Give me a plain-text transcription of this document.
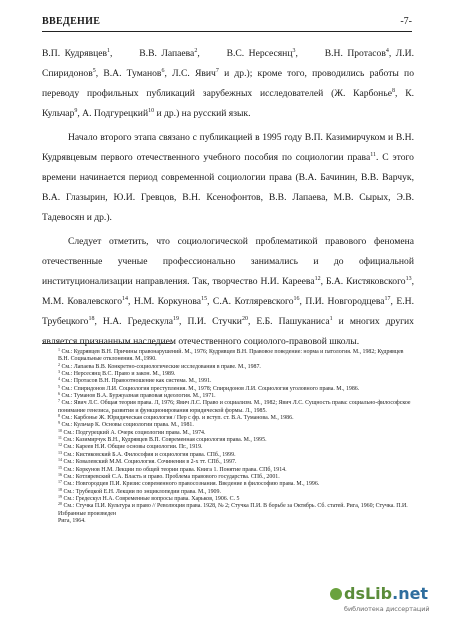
ВВЕДЕНИЕ	-7-

В.П. Кудрявцев$^1$,      В.В. Лапаева$^2$,      В.С. Нерсесянц$^3$,      В.Н. Протасов$^4$, Л.И. Спиридонов$^5$, В.А. Туманов$^6$, Л.С. Явич$^7$ и др.); кроме того, проводились работы по переводу профильных публикаций зарубежных исследователей (Ж. Карбонье$^8$, К. Кульчар$^9$, А. Подгурецкий$^{10}$ и др.) на русский язык.

Начало второго этапа связано с публикацией в 1995 году В.П. Казимирчуком и В.Н. Кудрявцевым первого отечественного учебного пособия по социологии права$^{11}$. С этого времени начинается период современной социологии права (В.А. Бачинин, В.В. Варчук, В.А. Глазырин, Ю.И. Гревцов, В.Н. Ксенофонтов, В.В. Лапаева, М.В. Сырых, Э.В. Тадевосян и др.).

Следует отметить, что социологической проблематикой правового феномена отечественные ученые профессионально занимались и до официальной институционализации направления. Так, творчество Н.И. Кареева$^{12}$, Б.А. Кистяковского$^{13}$, М.М. Ковалевского$^{14}$, Н.М. Коркунова$^{15}$, С.А. Котляревского$^{16}$, П.И. Новгородцева$^{17}$, Е.Н. Трубецкого$^{18}$, Н.А. Гредескула$^{19}$, П.И. Стучки$^{20}$, Е.Б. Пашуканиса$^1$ и многих других является признанным наследием отечественного социолого-правовой школы.

$^1$ См.: Кудрявцев В.Н. Причины правонарушений. М., 1976; Кудрявцев В.Н. Правовое поведение: норма и патология. М., 1982; Кудрявцев В.Н. Социальные отклонения. М.,1990.

$^2$ См.: Лапаева В.В. Конкретно-социологические исследования в праве. М., 1987.

$^3$ См.: Нерсесянц В.С. Право и закон. М., 1989.

$^4$ См.: Протасов В.Н. Правоотношение как система. М., 1991.

$^5$ См.: Спиридонов Л.И. Социология преступления. М., 1978; Спиридонов Л.И. Социология уголовного права. М., 1986.

$^6$ См.: Туманов В.А. Буржуазная правовая идеология. М., 1971.

$^7$ См.: Явич Л.С. Общая теория права. Л, 1976; Явич Л.С. Право и социализм. М., 1982; Явич Л.С. Сущность права: социально-философское понимание генезиса, развития и функционирования юридической формы. Л., 1985.

$^8$ См.: Карбонье Ж. Юридическая социология / Пер с фр. и вступ. ст. В.А. Туманова. М., 1986.

$^9$ См.: Кульчар К. Основы социологии права. М., 1981.

$^{10}$ См.: Подгурецкий А. Очерк социологии права. М., 1974.

$^{11}$ См.: Казимирчук В.Н., Кудрявцев В.П. Современная социология права. М., 1995.

$^{12}$ См.: Кареев Н.И. Общие основы социологии. Пг., 1919.

$^{13}$ См.: Кистяковский Б.А. Философия и социология права. СПб., 1999.

$^{14}$ См.: Ковалевский М.М. Социология. Сочинения в 2-х тт. СПб., 1997.

$^{15}$ См.: Коркунов Н.М. Лекции по общей теории права. Книга 1. Понятие права. СПб, 1914.

$^{16}$ См.: Котляревский С.А. Власть и право. Проблема правового государства. СПб., 2001.

$^{17}$ См.: Новгородцев П.И. Кризис современного правосознания. Введение в философию права. М., 1996.

$^{18}$ См.: Трубецкой Е.Н. Лекции по энциклопедии права. М., 1909.

$^{19}$ См.: Гредескул Н.А. Современные вопросы права. Харьков, 1906. С. 5

$^{20}$ См.: Стучка П.И. Культура и право // Революция права. 1928, № 2; Стучка П.И. В борьбе за Октябрь. Сб. статей. Рига, 1960; Стучка. П.И. Избранные произведен

Рига, 1964.

dsLib.net
библиотека диссертаций
